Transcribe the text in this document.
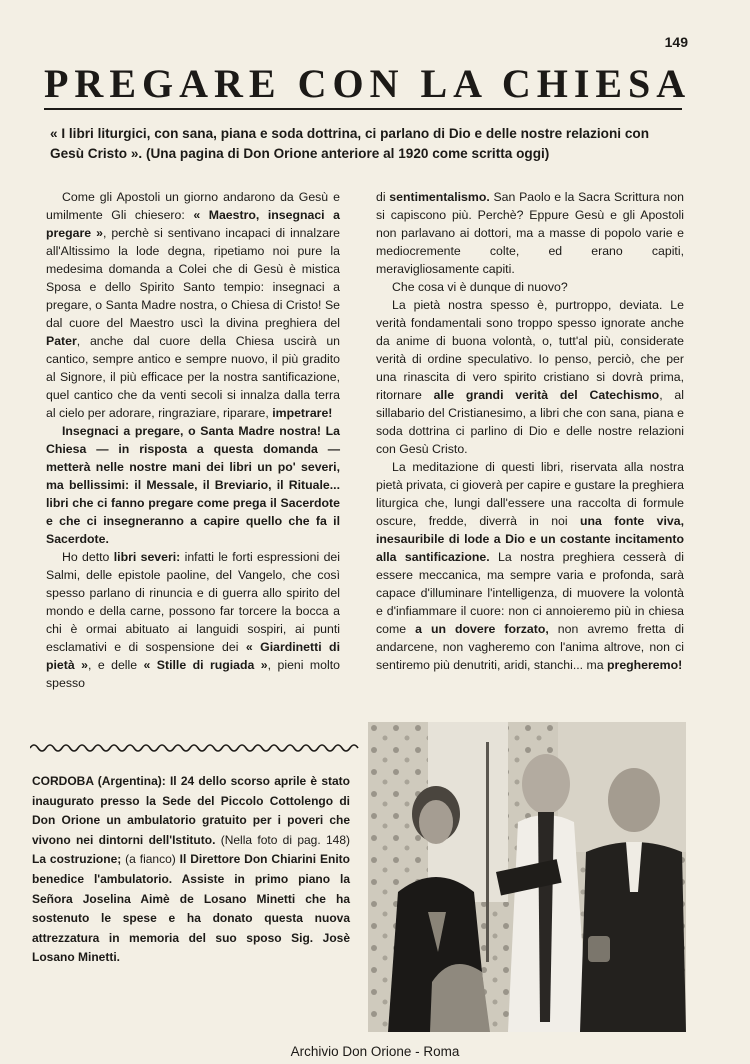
149
PREGARE CON LA CHIESA
« I libri liturgici, con sana, piana e soda dottrina, ci parlano di Dio e delle nostre relazioni con Gesù Cristo ». (Una pagina di Don Orione anteriore al 1920 come scritta oggi)

Come gli Apostoli un giorno andarono da Gesù e umilmente Gli chiesero: « Maestro, insegnaci a pregare », perchè si sentivano incapaci di innalzare all'Altissimo la lode degna, ripetiamo noi pure la medesima domanda a Colei che di Gesù è mistica Sposa e dello Spirito Santo tempio: insegnaci a pregare, o Santa Madre nostra, o Chiesa di Cristo! Se dal cuore del Maestro uscì la divina preghiera del Pater, anche dal cuore della Chiesa uscirà un cantico, sempre antico e sempre nuovo, il più gradito al Signore, il più efficace per la nostra santificazione, quel cantico che da venti secoli si innalza dalla terra al cielo per adorare, ringraziare, riparare, impetrare!

Insegnaci a pregare, o Santa Madre nostra! La Chiesa — in risposta a questa domanda — metterà nelle nostre mani dei libri un po' severi, ma bellissimi: il Messale, il Breviario, il Rituale... libri che ci fanno pregare come prega il Sacerdote e che ci insegneranno a capire quello che fa il Sacerdote.

Ho detto libri severi: infatti le forti espressioni dei Salmi, delle epistole paoline, del Vangelo, che così spesso parlano di rinuncia e di guerra allo spirito del mondo e della carne, possono far torcere la bocca a chi è ormai abituato ai languidi sospiri, ai punti esclamativi e di sospensione dei « Giardinetti di pietà », e delle « Stille di rugiada », pieni molto spesso

di sentimentalismo. San Paolo e la Sacra Scrittura non si capiscono più. Perchè? Eppure Gesù e gli Apostoli non parlavano ai dottori, ma a masse di popolo varie e mediocremente colte, ed erano capiti, meravigliosamente capiti.

Che cosa vi è dunque di nuovo?

La pietà nostra spesso è, purtroppo, deviata. Le verità fondamentali sono troppo spesso ignorate anche da anime di buona volontà, o, tutt'al più, considerate verità di ordine speculativo. Io penso, perciò, che per una rinascita di vero spirito cristiano si dovrà prima, ritornare alle grandi verità del Catechismo, al sillabario del Cristianesimo, a libri che con sana, piana e soda dottrina ci parlino di Dio e delle nostre relazioni con Gesù Cristo.

La meditazione di questi libri, riservata alla nostra pietà privata, ci gioverà per capire e gustare la preghiera liturgica che, lungi dall'essere una raccolta di formule oscure, fredde, diverrà in noi una fonte viva, inesauribile di lode a Dio e un costante incitamento alla santificazione. La nostra preghiera cesserà di essere meccanica, ma sempre varia e profonda, sarà capace d'illuminare l'intelligenza, di muovere la volontà e d'infiammare il cuore: non ci annoieremo più in chiesa come a un dovere forzato, non avremo fretta di andarcene, non vagheremo con l'anima altrove, non ci sentiremo più denutriti, aridi, stanchi... ma pregheremo!

CORDOBA (Argentina): Il 24 dello scorso aprile è stato inaugurato presso la Sede del Piccolo Cottolengo di Don Orione un ambulatorio gratuito per i poveri che vivono nei dintorni dell'Istituto. (Nella foto di pag. 148) La costruzione; (a fianco) Il Direttore Don Chiarini Enito benedice l'ambulatorio. Assiste in primo piano la Señora Joselina Aimè de Losano Minetti che ha sostenuto le spese e ha donato questa nuova attrezzatura in memoria del suo sposo Sig. Josè Losano Minetti.
Archivio Don Orione - Roma
